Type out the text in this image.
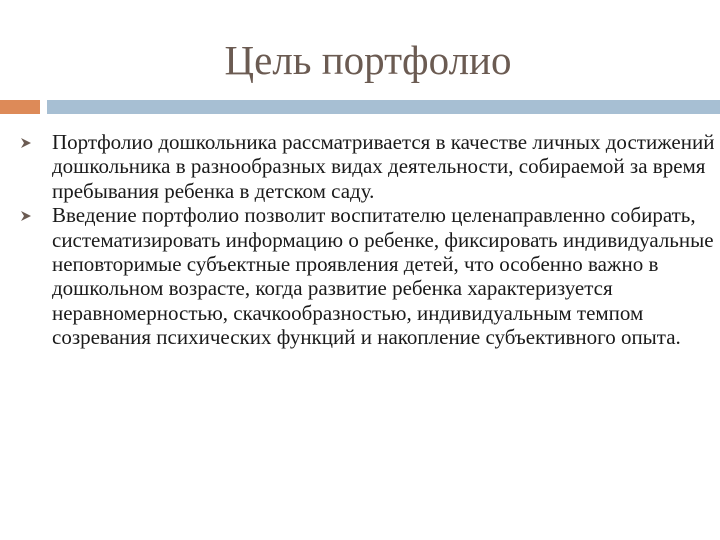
Цель портфолио
Портфолио дошкольника рассматривается в качестве личных достижений дошкольника в разнообразных видах деятельности, собираемой за время пребывания ребенка в детском саду.
Введение портфолио позволит воспитателю целенаправленно собирать, систематизировать информацию о ребенке, фиксировать индивидуальные неповторимые субъектные проявления детей, что особенно важно в дошкольном возрасте, когда развитие ребенка характеризуется неравномерностью, скачкообразностью, индивидуальным темпом созревания психических функций и накопление субъективного опыта.
